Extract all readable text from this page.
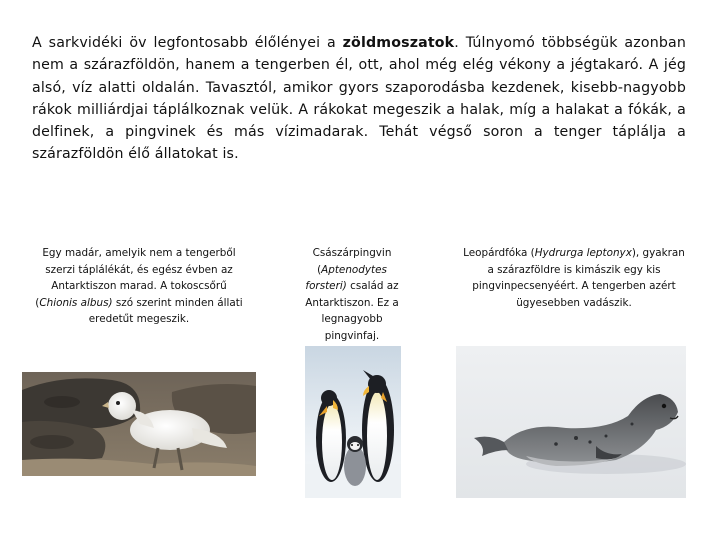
A sarkvidéki öv legfontosabb élőlényei a zöldmoszatok. Túlnyomó többségük azonban nem a szárazföldön, hanem a tengerben él, ott, ahol még elég vékony a jégtakaró. A jég alsó, víz alatti oldalán. Tavasztól, amikor gyors szaporodásba kezdenek, kisebb-nagyobb rákok milliárdjai táplálkoznak velük. A rákokat megeszik a halak, míg a halakat a fókák, a delfinek, a pingvinek és más vízimadarak. Tehát végső soron a tenger táplálja a szárazföldön élő állatokat is.

Egy madár, amelyik nem a tengerből szerzi táplálékát, és egész évben az Antarktiszon marad. A tokoscsőrű (Chionis albus) szó szerint minden állati eredetűt megeszik.

Császárpingvin (Aptenodytes forsteri) család az Antarktiszon. Ez a legnagyobb pingvinfaj.

Leopárdfóka (Hydrurga leptonyx), gyakran a szárazföldre is kimászik egy kis pingvinpecsenyéért. A tengerben azért ügyesebben vadászik.
